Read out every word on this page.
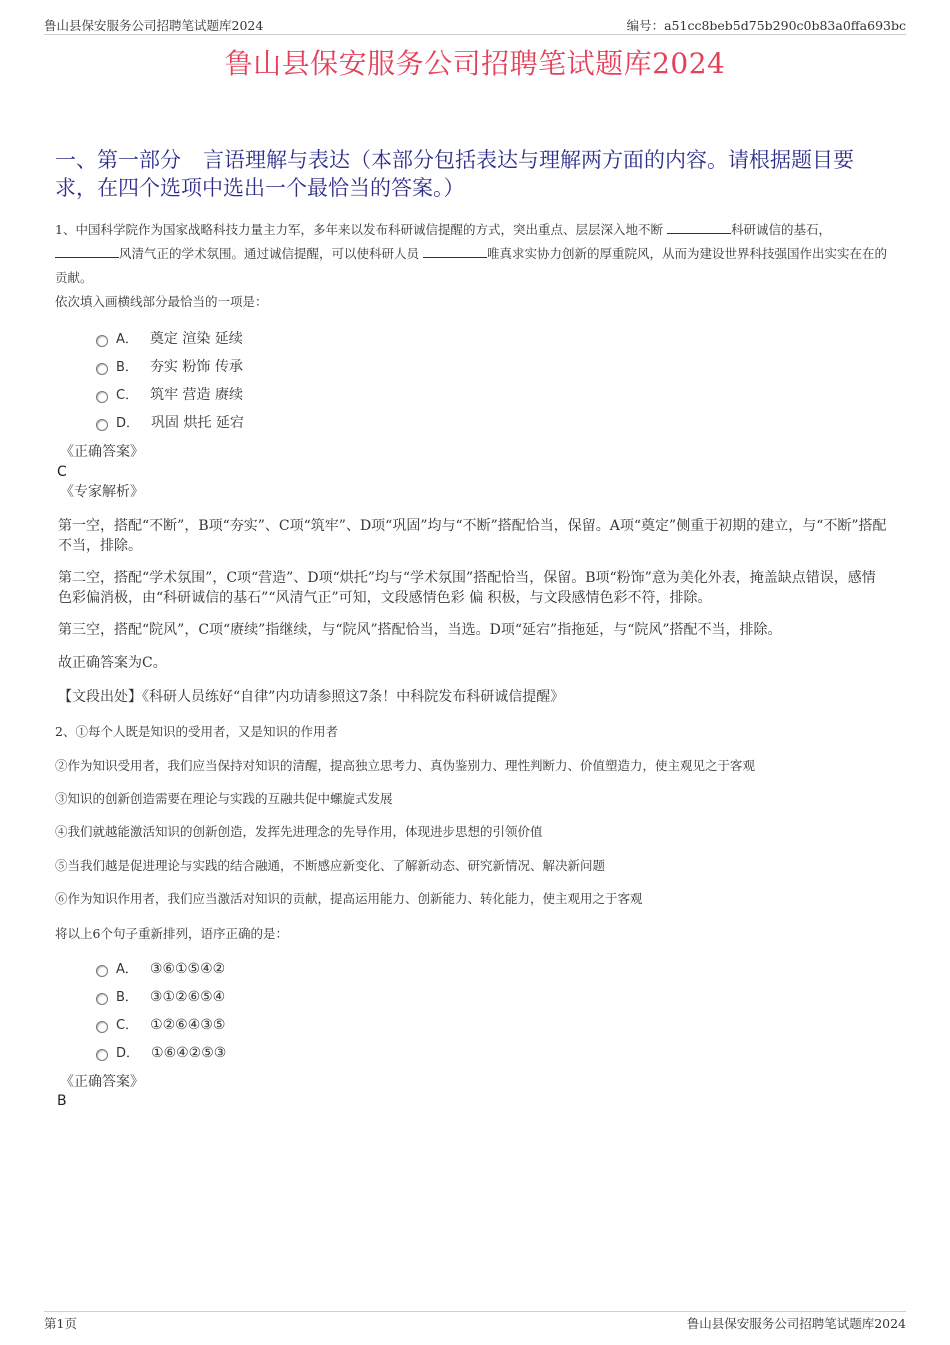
鲁山县保安服务公司招聘笔试题库2024	编号：a51cc8beb5d75b290c0b83a0ffa693bc
鲁山县保安服务公司招聘笔试题库2024
一、第一部分 言语理解与表达（本部分包括表达与理解两方面的内容。请根据题目要求，在四个选项中选出一个最恰当的答案。）
1、中国科学院作为国家战略科技力量主力军，多年来以发布科研诚信提醒的方式，突出重点、层层深入地不断	科研诚信的基石， 风清气正的学术氛围。通过诚信提醒，可以使科研人员	唯真求实协力创新的厚重院风，从而为建设世界科技强国作出实实在在的贡献。
依次填入画横线部分最恰当的一项是：
A． 奠定 渲染 延续
B． 夯实 粉饰 传承
C． 筑牢 营造 赓续
D． 巩固 烘托 延宕
《正确答案》
C
《专家解析》
第一空，搭配“不断”，B项“夯实”、C项“筑牢”、D项“巩固”均与“不断”搭配恰当，保留。A项“奠定”侧重于初期的建立，与“不断”搭配不当，排除。
第二空，搭配“学术氛围”，C项“营造”、D项“烘托”均与“学术氛围”搭配恰当，保留。B项“粉饰”意为美化外表，掩盖缺点错误，感情色彩偏消极，由“科研诚信的基石”“风清气正”可知，文段感情色彩 偏 积极，与文段感情色彩不符，排除。
第三空，搭配“院风”，C项“赓续”指继续，与“院风”搭配恰当，当选。D项“延宕”指拖延，与“院风”搭配不当，排除。
故正确答案为C。
【文段出处】《科研人员练好“自律”内功请参照这7条！中科院发布科研诚信提醒》
2、①每个人既是知识的受用者，又是知识的作用者
②作为知识受用者，我们应当保持对知识的清醒，提高独立思考力、真伪鉴别力、理性判断力、价值塑造力，使主观见之于客观
③知识的创新创造需要在理论与实践的互融共促中螺旋式发展
④我们就越能激活知识的创新创造，发挥先进理念的先导作用，体现进步思想的引领价值
⑤当我们越是促进理论与实践的结合融通，不断感应新变化、了解新动态、研究新情况、解决新问题
⑥作为知识作用者，我们应当激活对知识的贡献，提高运用能力、创新能力、转化能力，使主观用之于客观
将以上6个句子重新排列，语序正确的是：
A． ③⑥①⑤④②
B． ③①②⑥⑤④
C． ①②⑥④③⑤
D． ①⑥④②⑤③
《正确答案》
B
第1页	鲁山县保安服务公司招聘笔试题库2024
